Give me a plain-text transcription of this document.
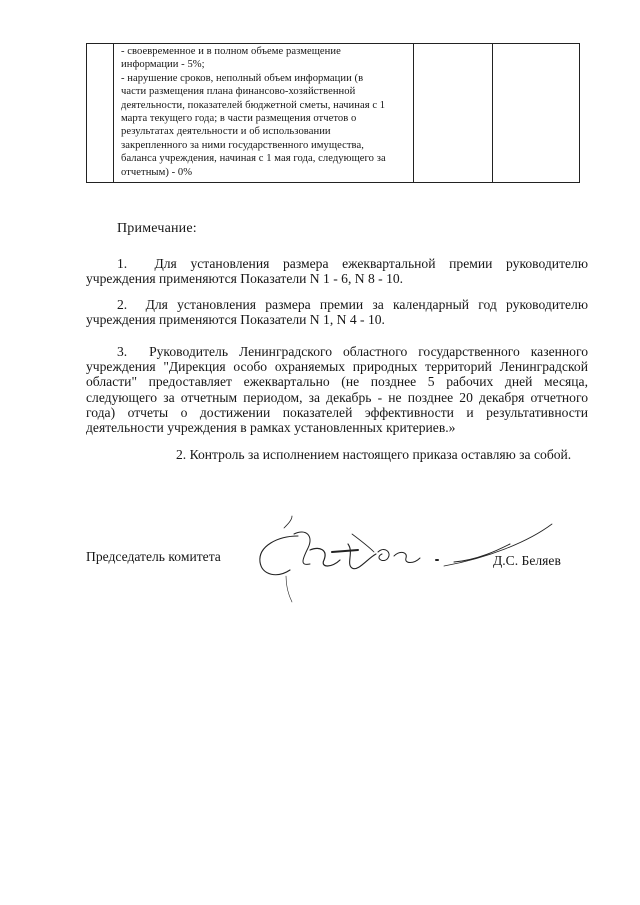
- своевременное и в полном объеме размещение
информации - 5%;
- нарушение сроков, неполный объем информации (в
части размещения плана финансово-хозяйственной
деятельности, показателей бюджетной сметы, начиная с 1
марта текущего года; в части размещения отчетов о
результатах деятельности и об использовании
закрепленного за ними государственного имущества,
баланса учреждения, начиная с 1 мая года, следующего за
отчетным) - 0%

Примечание:
1. Для установления размера ежеквартальной премии руководителю учреждения применяются Показатели N 1 - 6, N 8 - 10.
2. Для установления размера премии за календарный год руководителю учреждения применяются Показатели N 1, N 4 - 10.
3. Руководитель Ленинградского областного государственного казенного учреждения "Дирекция особо охраняемых природных территорий Ленинградской области" предоставляет ежеквартально (не позднее 5 рабочих дней месяца, следующего за отчетным периодом, за декабрь - не позднее 20 декабря отчетного года) отчеты о достижении показателей эффективности и результативности деятельности учреждения в рамках установленных критериев.»
2. Контроль за исполнением настоящего приказа оставляю за собой.
Председатель комитета	Д.С. Беляев
